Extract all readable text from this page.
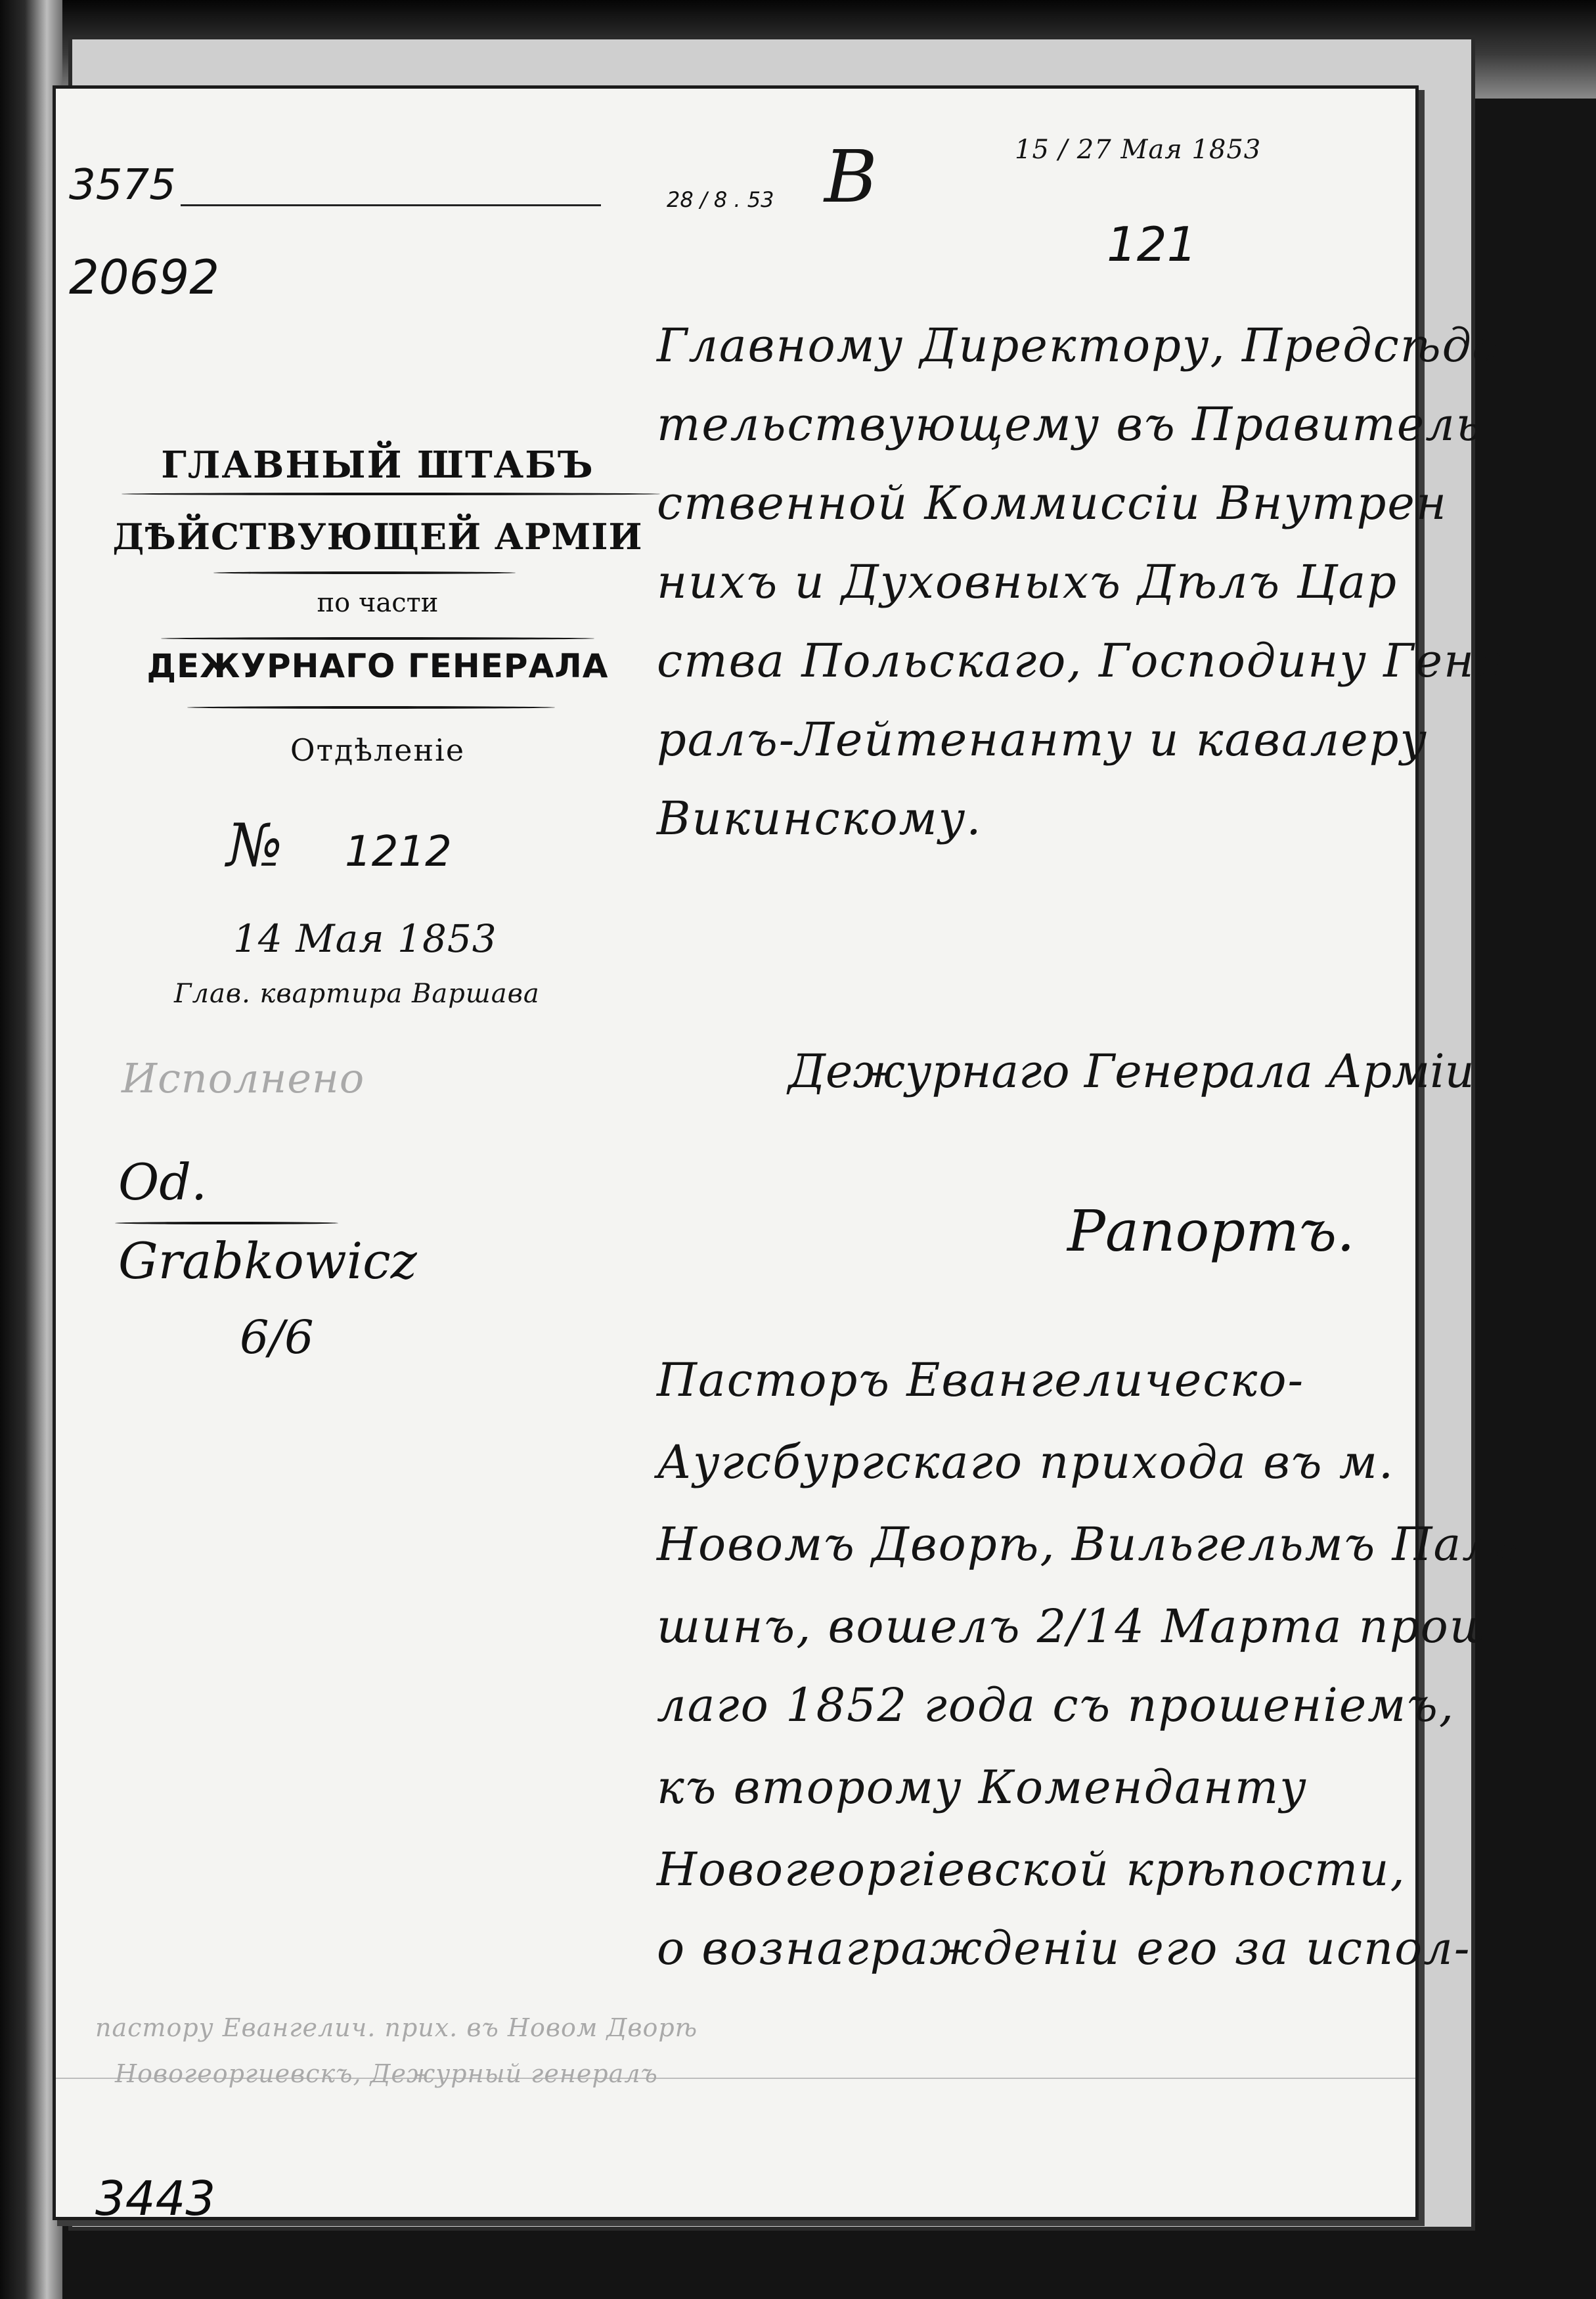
3575	28 / 8 . 53
20692
В	15 / 27 Мая 1853
121
ГЛАВНЫЙ ШТАБЪ
ДѢЙСТВУЮЩЕЙ АРМІИ
по части
ДЕЖУРНАГО ГЕНЕРАЛА
Отдѣленіе
№ 1212
14 Мая 1853
Глав. квартира Варшава
Исполнено
Od.
Grabkowicz
6/6
Главному Директору, Предсѣда
тельствующему въ Правитель
ственной Коммиссіи Внутрен
нихъ и Духовныхъ Дѣлъ Цар
ства Польскаго, Господину Гене
ралъ-Лейтенанту и кавалеру
Викинскому.
Дежурнаго Генерала Арміи,
Рапортъ.
Пасторъ Евангелическо-
Аугсбургскаго прихода въ м.
Новомъ Дворѣ, Вильгельмъ Паль
шинъ, вошелъ 2/14 Марта прош
лаго 1852 года съ прошеніемъ,
къ второму Коменданту
Новогеоргіевской крѣпости,
о вознагражденіи его за испол-
пастору Евангелич. прих. въ Новом Дворѣ
Новогеоргиевскъ, Дежурный генералъ
3443
